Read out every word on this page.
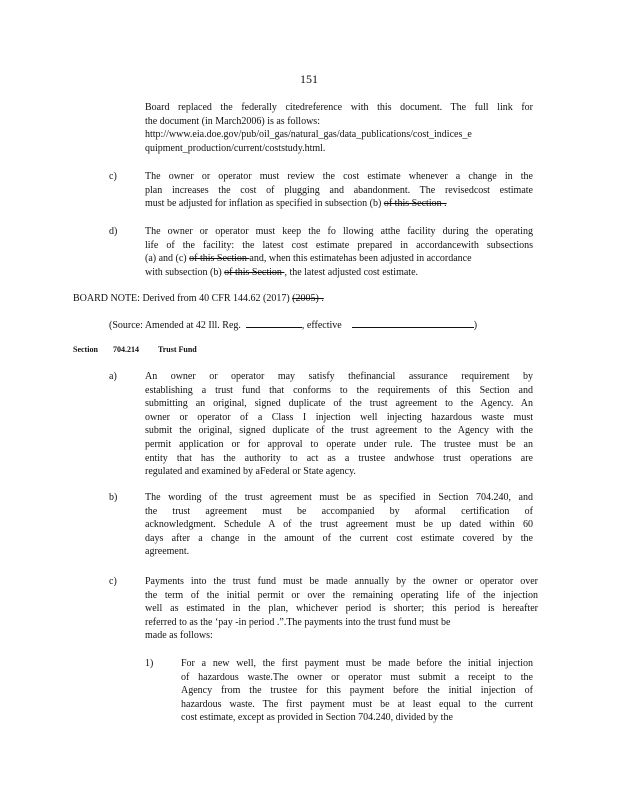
151
Board replaced the federally citedreference with this document. The full link for
the document (in March2006) is as follows:
http://www.eia.doe.gov/pub/oil_gas/natural_gas/data_publications/cost_indices_e
quipment_production/current/coststudy.html.
c)	The owner or operator must review the cost estimate whenever a change in the
plan increases the cost of plugging and abandonment. The revisedcost estimate
must be adjusted for inflation as specified in subsection (b) of this Section .
d)	The owner or operator must keep the fo llowing atthe facility during the operating
life of the facility: the latest cost estimate prepared in accordancewith subsections
(a) and (c) of this Section and, when this estimatehas been adjusted in accordance
with subsection (b) of this Section , the latest adjusted cost estimate.
BOARD NOTE: Derived from 40 CFR 144.62 (2017) (2005) .
(Source: Amended at 42 Ill. Reg.	, effective	)
Section 704.214 Trust Fund
a)	An owner or operator may satisfy thefinancial assurance requirement by
establishing a trust fund that conforms to the requirements of this Section and
submitting an original, signed duplicate of the trust agreement to the Agency. An
owner or operator of a Class I injection well injecting hazardous waste must
submit the original, signed duplicate of the trust agreement to the Agency with the
permit application or for approval to operate under rule. The trustee must be an
entity that has the authority to act as a trustee andwhose trust operations are
regulated and examined by aFederal or State agency.
b)	The wording of the trust agreement must be as specified in Section 704.240, and
the trust agreement must be accompanied by aformal certification of
acknowledgment. Schedule A of the trust agreement must be up dated within 60
days after a change in the amount of the current cost estimate covered by the
agreement.
c)	Payments into the trust fund must be made annually by the owner or operator over
the term of the initial permit or over the remaining operating life of the injection
well as estimated in the plan, whichever period is shorter; this period is hereafter
referred to as the ‘pay -in period .”.The payments into the trust fund must be
made as follows:
1)	For a new well, the first payment must be made before the initial injection
of hazardous waste.The owner or operator must submit a receipt to the
Agency from the trustee for this payment before the initial injection of
hazardous waste. The first payment must be at least equal to the current
cost estimate, except as provided in Section 704.240, divided by the
